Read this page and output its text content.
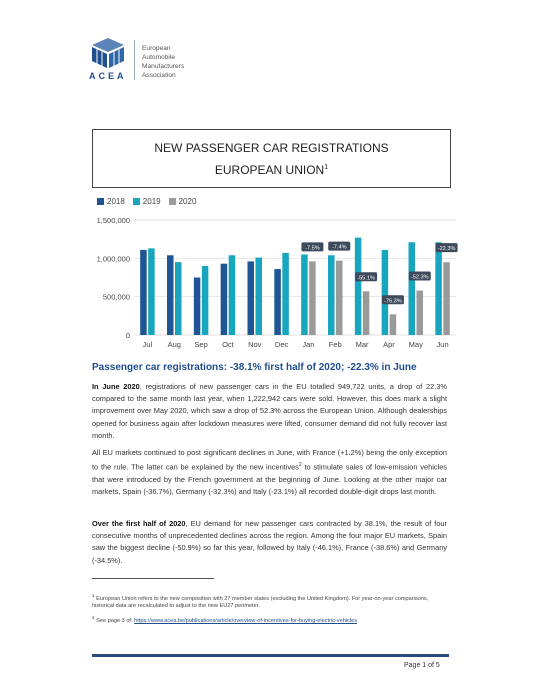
ACEA
European
Automobile
Manufacturers
Association
NEW PASSENGER CAR REGISTRATIONS
EUROPEAN UNION$^1$
2018	2019	2020
0
500,000
1,000,000
1,500,000
Jul Aug Sep Oct Nov Dec
-7.5%
Jan
-7.4%
Feb
-55.1%
Mar
-76.3%
Apr
-52.3%
May
-22.3%
Jun
Passenger car registrations: -38.1% first half of 2020; -22.3% in June
In June 2020, registrations of new passenger cars in the EU totalled 949,722 units, a drop of 22.3% compared to the same month last year, when 1,222,942 cars were sold. However, this does mark a slight improvement over May 2020, which saw a drop of 52.3% across the European Union. Although dealerships opened for business again after lockdown measures were lifted, consumer demand did not fully recover last month.
All EU markets continued to post significant declines in June, with France (+1.2%) being the only exception to the rule. The latter can be explained by the new incentives$^2$ to stimulate sales of low-emission vehicles that were introduced by the French government at the beginning of June. Looking at the other major car markets, Spain (-36.7%), Germany (-32.3%) and Italy (-23.1%) all recorded double-digit drops last month.
Over the first half of 2020, EU demand for new passenger cars contracted by 38.1%, the result of four consecutive months of unprecedented declines across the region. Among the four major EU markets, Spain saw the biggest decline (-50.9%) so far this year, followed by Italy (-46.1%), France (-38.6%) and Germany (-34.5%).
$^1$ European Union refers to the new composition with 27 member states (excluding the United Kingdom). For year-on-year comparisons, historical data are recalculated to adjust to the new EU27 perimeter.
$^2$ See page 3 of: https://www.acea.be/publications/article/overview-of-incentives-for-buying-electric-vehicles
Page 1 of 5
